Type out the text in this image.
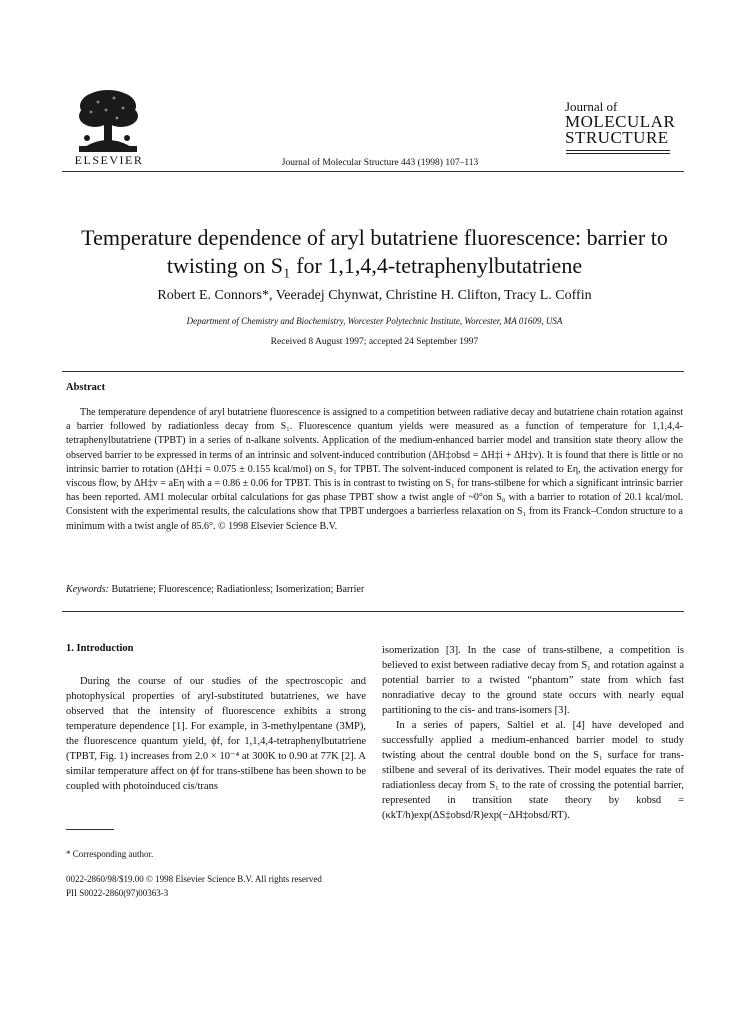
ELSEVIER	Journal of Molecular Structure 443 (1998) 107–113
Journal of
MOLECULAR
STRUCTURE
Temperature dependence of aryl butatriene fluorescence: barrier to twisting on S₁ for 1,1,4,4-tetraphenylbutatriene
Robert E. Connors*, Veeradej Chynwat, Christine H. Clifton, Tracy L. Coffin
Department of Chemistry and Biochemistry, Worcester Polytechnic Institute, Worcester, MA 01609, USA
Received 8 August 1997; accepted 24 September 1997
Abstract
The temperature dependence of aryl butatriene fluorescence is assigned to a competition between radiative decay and butatriene chain rotation against a barrier followed by radiationless decay from S₁. Fluorescence quantum yields were measured as a function of temperature for 1,1,4,4-tetraphenylbutatriene (TPBT) in a series of n-alkane solvents. Application of the medium-enhanced barrier model and transition state theory allow the observed barrier to be expressed in terms of an intrinsic and solvent-induced contribution (ΔH‡obsd = ΔH‡i + ΔH‡v). It is found that there is little or no intrinsic barrier to rotation (ΔH‡i = 0.075 ± 0.155 kcal/mol) on S₁ for TPBT. The solvent-induced component is related to Eη, the activation energy for viscous flow, by ΔH‡v = aEη with a = 0.86 ± 0.06 for TPBT. This is in contrast to twisting on S₁ for trans-stilbene for which a significant intrinsic barrier has been reported. AM1 molecular orbital calculations for gas phase TPBT show a twist angle of ~0°on S₀ with a barrier to rotation of 20.1 kcal/mol. Consistent with the experimental results, the calculations show that TPBT undergoes a barrierless relaxation on S₁ from its Franck–Condon structure to a minimum with a twist angle of 85.6°. © 1998 Elsevier Science B.V.
Keywords: Butatriene; Fluorescence; Radiationless; Isomerization; Barrier
1. Introduction

During the course of our studies of the spectroscopic and photophysical properties of aryl-substituted butatrienes, we have observed that the intensity of fluorescence exhibits a strong temperature dependence [1]. For example, in 3-methylpentane (3MP), the fluorescence quantum yield, ϕf, for 1,1,4,4-tetraphenylbutatriene (TPBT, Fig. 1) increases from 2.0 × 10⁻⁴ at 300K to 0.90 at 77K [2]. A similar temperature affect on ϕf for trans-stilbene has been shown to be coupled with photoinduced cis/trans

isomerization [3]. In the case of trans-stilbene, a competition is believed to exist between radiative decay from S₁ and rotation against a potential barrier to a twisted “phantom” state from which fast nonradiative decay to the ground state occurs with nearly equal partitioning to the cis- and trans-isomers [3].

In a series of papers, Saltiel et al. [4] have developed and successfully applied a medium-enhanced barrier model to study twisting about the central double bond on the S₁ surface for trans-stilbene and several of its derivatives. Their model equates the rate of radiationless decay from S₁ to the rate of crossing the potential barrier, represented in transition state theory by kobsd = (κkT/h)exp(ΔS‡obsd/R)exp(−ΔH‡obsd/RT).

* Corresponding author.
0022-2860/98/$19.00 © 1998 Elsevier Science B.V. All rights reserved
PII S0022-2860(97)00363-3
